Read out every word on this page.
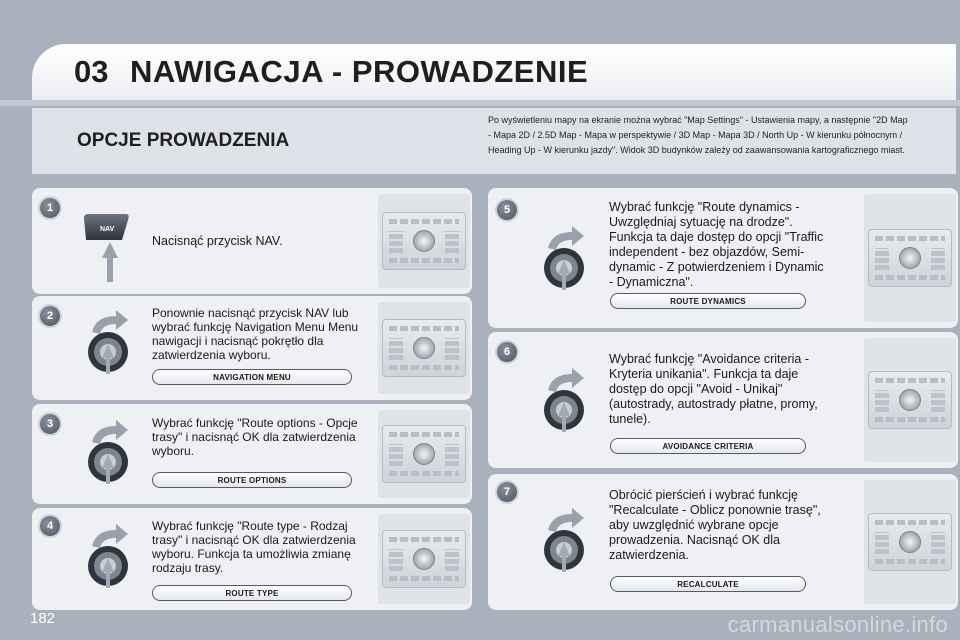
03 NAWIGACJA - PROWADZENIE
OPCJE PROWADZENIA
Po wyświetleniu mapy na ekranie można wybrać "Map Settings" - Ustawienia mapy, a następnie "2D Map - Mapa 2D / 2.5D Map - Mapa w perspektywie / 3D Map - Mapa 3D / North Up - W kierunku północnym / Heading Up - W kierunku jazdy". Widok 3D budynków zależy od zaawansowania kartograficznego miast.
1
NAV
Nacisnąć przycisk NAV.
2	Ponownie nacisnąć przycisk NAV lub wybrać funkcję Navigation Menu Menu nawigacji i nacisnąć pokrętło dla zatwierdzenia wyboru.
NAVIGATION MENU
3	Wybrać funkcję "Route options - Opcje trasy" i nacisnąć OK dla zatwierdzenia wyboru.
ROUTE OPTIONS
4	Wybrać funkcję "Route type - Rodzaj trasy" i nacisnąć OK dla zatwierdzenia wyboru. Funkcja ta umożliwia zmianę rodzaju trasy.
ROUTE TYPE
5	Wybrać funkcję "Route dynamics - Uwzględniaj sytuację na drodze". Funkcja ta daje dostęp do opcji "Traffic independent - bez objazdów, Semi-dynamic - Z potwierdzeniem i Dynamic - Dynamiczna".
ROUTE DYNAMICS
6	Wybrać funkcję "Avoidance criteria - Kryteria unikania". Funkcja ta daje dostęp do opcji "Avoid - Unikaj" (autostrady, autostrady płatne, promy, tunele).
AVOIDANCE CRITERIA
7	Obrócić pierścień i wybrać funkcję "Recalculate - Oblicz ponownie trasę", aby uwzględnić wybrane opcje prowadzenia. Nacisnąć OK dla zatwierdzenia.
RECALCULATE
182	carmanualsonline.info
